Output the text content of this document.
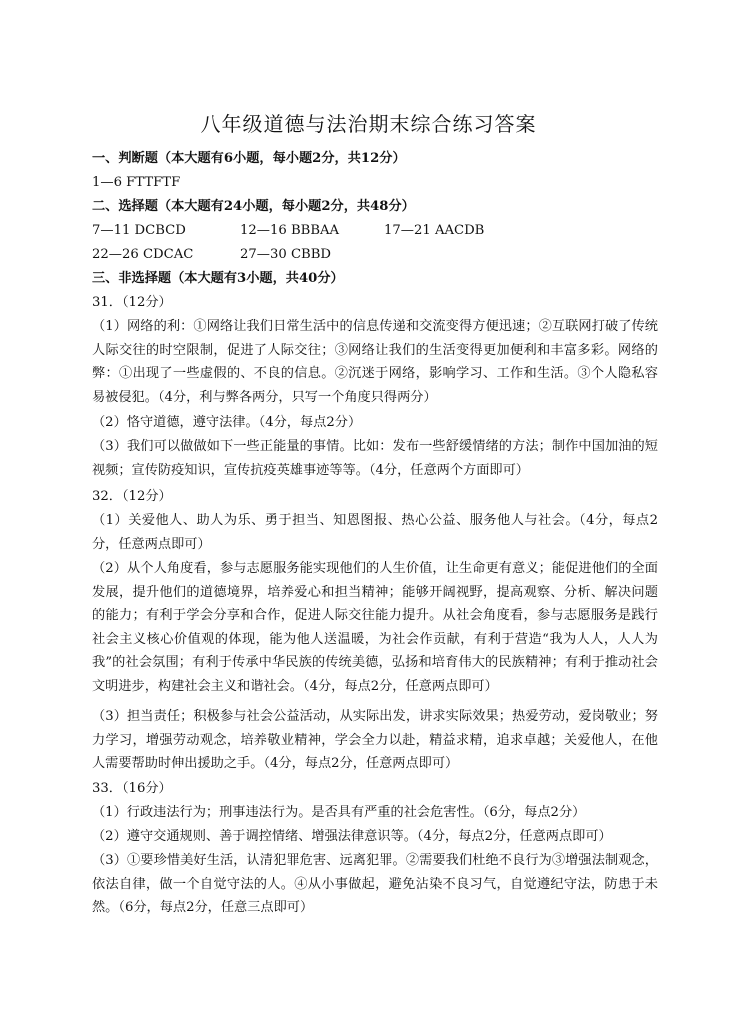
八年级道德与法治期末综合练习答案
一、判断题（本大题有6小题，每小题2分，共12分）
1—6 FTTFTF
二、选择题（本大题有24小题，每小题2分，共48分）
7—11 DCBCD	12—16 BBBAA	17—21 AACDB
22—26 CDCAC	27—30 CBBD
三、非选择题（本大题有3小题，共40分）
31．（12分）
（1）网络的利：①网络让我们日常生活中的信息传递和交流变得方便迅速；②互联网打破了传统人际交往的时空限制，促进了人际交往；③网络让我们的生活变得更加便利和丰富多彩。网络的弊：①出现了一些虚假的、不良的信息。②沉迷于网络，影响学习、工作和生活。③个人隐私容易被侵犯。（4分，利与弊各两分，只写一个角度只得两分）
（2）恪守道德，遵守法律。（4分，每点2分）
（3）我们可以做做如下一些正能量的事情。比如：发布一些舒缓情绪的方法；制作中国加油的短视频；宣传防疫知识，宣传抗疫英雄事迹等等。（4分，任意两个方面即可）
32．（12分）
（1）关爱他人、助人为乐、勇于担当、知恩图报、热心公益、服务他人与社会。（4分，每点2分，任意两点即可）
（2）从个人角度看，参与志愿服务能实现他们的人生价值，让生命更有意义；能促进他们的全面发展，提升他们的道德境界，培养爱心和担当精神；能够开阔视野，提高观察、分析、解决问题的能力；有利于学会分享和合作，促进人际交往能力提升。从社会角度看，参与志愿服务是践行社会主义核心价值观的体现，能为他人送温暖，为社会作贡献，有利于营造“我为人人，人人为我”的社会氛围；有利于传承中华民族的传统美德，弘扬和培育伟大的民族精神；有利于推动社会文明进步，构建社会主义和谐社会。（4分，每点2分，任意两点即可）
（3）担当责任；积极参与社会公益活动，从实际出发，讲求实际效果；热爱劳动，爱岗敬业；努力学习，增强劳动观念，培养敬业精神，学会全力以赴，精益求精，追求卓越；关爱他人，在他人需要帮助时伸出援助之手。（4分，每点2分，任意两点即可）
33．（16分）
（1）行政违法行为；刑事违法行为。是否具有严重的社会危害性。（6分，每点2分）
（2）遵守交通规则、善于调控情绪、增强法律意识等。（4分，每点2分，任意两点即可）
（3）①要珍惜美好生活，认清犯罪危害、远离犯罪。②需要我们杜绝不良行为③增强法制观念，依法自律，做一个自觉守法的人。④从小事做起，避免沾染不良习气，自觉遵纪守法，防患于未然。（6分，每点2分，任意三点即可）
